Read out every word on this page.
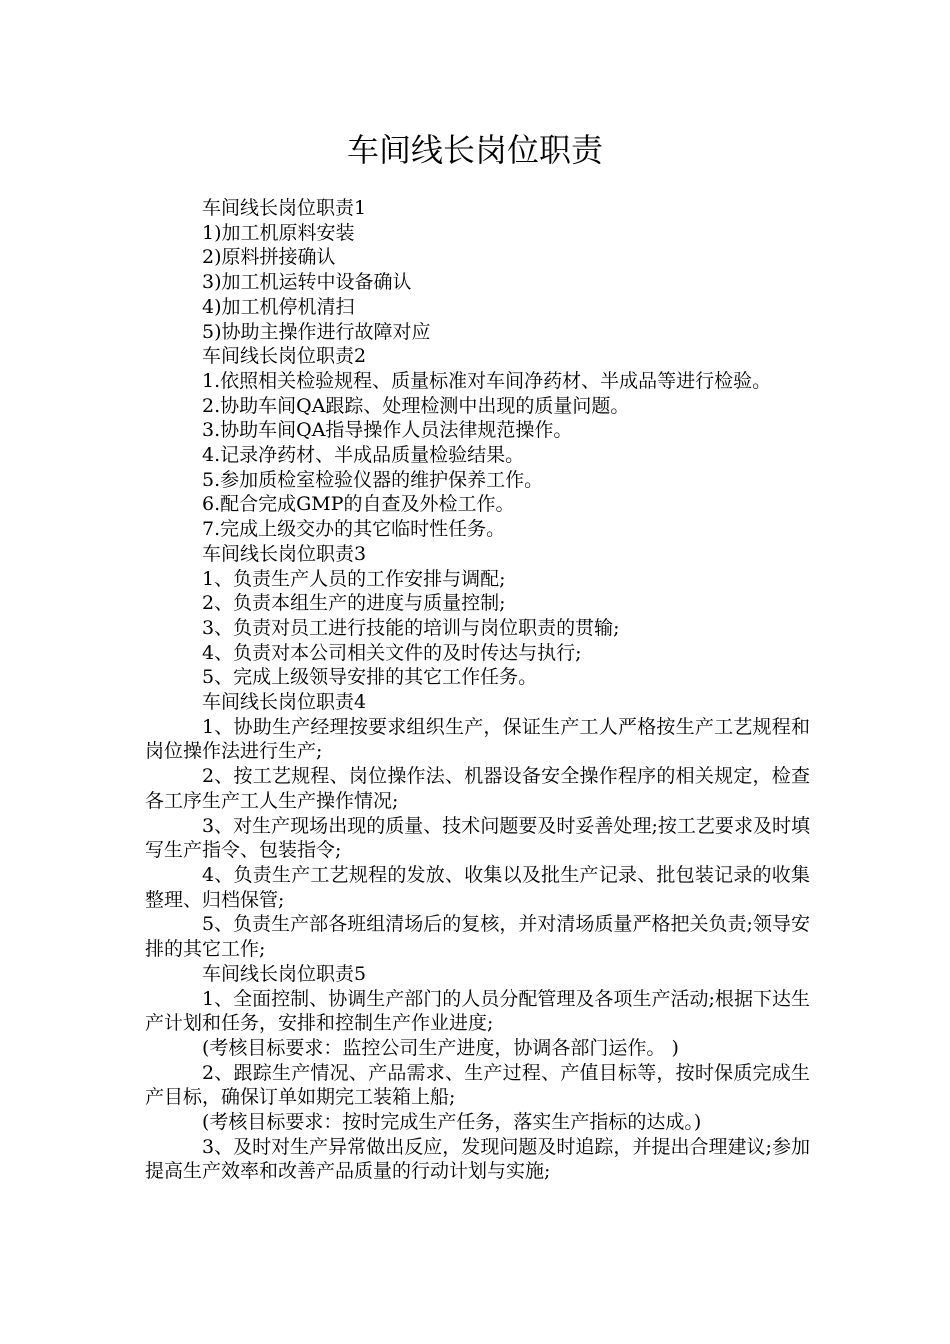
车间线长岗位职责

车间线长岗位职责1

1)加工机原料安装

2)原料拼接确认

3)加工机运转中设备确认

4)加工机停机清扫

5)协助主操作进行故障对应

车间线长岗位职责2

1.依照相关检验规程、质量标准对车间净药材、半成品等进行检验。

2.协助车间QA跟踪、处理检测中出现的质量问题。

3.协助车间QA指导操作人员法律规范操作。

4.记录净药材、半成品质量检验结果。

5.参加质检室检验仪器的维护保养工作。

6.配合完成GMP的自查及外检工作。

7.完成上级交办的其它临时性任务。

车间线长岗位职责3

1、负责生产人员的工作安排与调配;

2、负责本组生产的进度与质量控制;

3、负责对员工进行技能的培训与岗位职责的贯输;

4、负责对本公司相关文件的及时传达与执行;

5、完成上级领导安排的其它工作任务。

车间线长岗位职责4

1、协助生产经理按要求组织生产，保证生产工人严格按生产工艺规程和岗位操作法进行生产;

2、按工艺规程、岗位操作法、机器设备安全操作程序的相关规定，检查各工序生产工人生产操作情况;

3、对生产现场出现的质量、技术问题要及时妥善处理;按工艺要求及时填写生产指令、包装指令;

4、负责生产工艺规程的发放、收集以及批生产记录、批包装记录的收集整理、归档保管;

5、负责生产部各班组清场后的复核，并对清场质量严格把关负责;领导安排的其它工作;

车间线长岗位职责5

1、全面控制、协调生产部门的人员分配管理及各项生产活动;根据下达生产计划和任务，安排和控制生产作业进度;

(考核目标要求：监控公司生产进度，协调各部门运作。 )

2、跟踪生产情况、产品需求、生产过程、产值目标等，按时保质完成生产目标，确保订单如期完工装箱上船;

(考核目标要求：按时完成生产任务，落实生产指标的达成。)

3、及时对生产异常做出反应，发现问题及时追踪，并提出合理建议;参加提高生产效率和改善产品质量的行动计划与实施;
